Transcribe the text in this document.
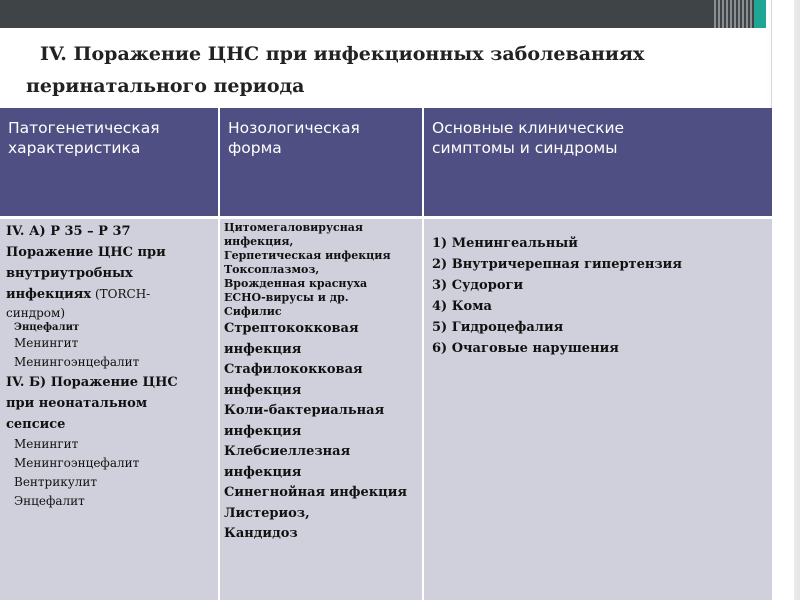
IV. Поражение ЦНС при инфекционных заболеваниях
перинатального периода
Патогенетическая
характеристика
Нозологическая
форма
Основные клинические
симптомы и синдромы
IV. А) Р 35 – Р 37
Поражение ЦНС при
внутриутробных
инфекциях (TORCH-
синдром)
Энцефалит
Менингит
Менингоэнцефалит
IV. Б) Поражение ЦНС
при неонатальном
сепсисе
Менингит
Менингоэнцефалит
Вентрикулит
Энцефалит
Цитомегаловирусная
инфекция,
Герпетическая инфекция
Токсоплазмоз,
Врожденная краснуха
ЕСНО-вирусы и др.
Сифилис
Стрептококковая
инфекция
Стафилококковая
инфекция
Коли-бактериальная
инфекция
Клебсиеллезная
инфекция
Синегнойная инфекция
Листериоз,
Кандидоз
1) Менингеальный
2) Внутричерепная гипертензия
3) Судороги
4) Кома
5) Гидроцефалия
6) Очаговые нарушения
